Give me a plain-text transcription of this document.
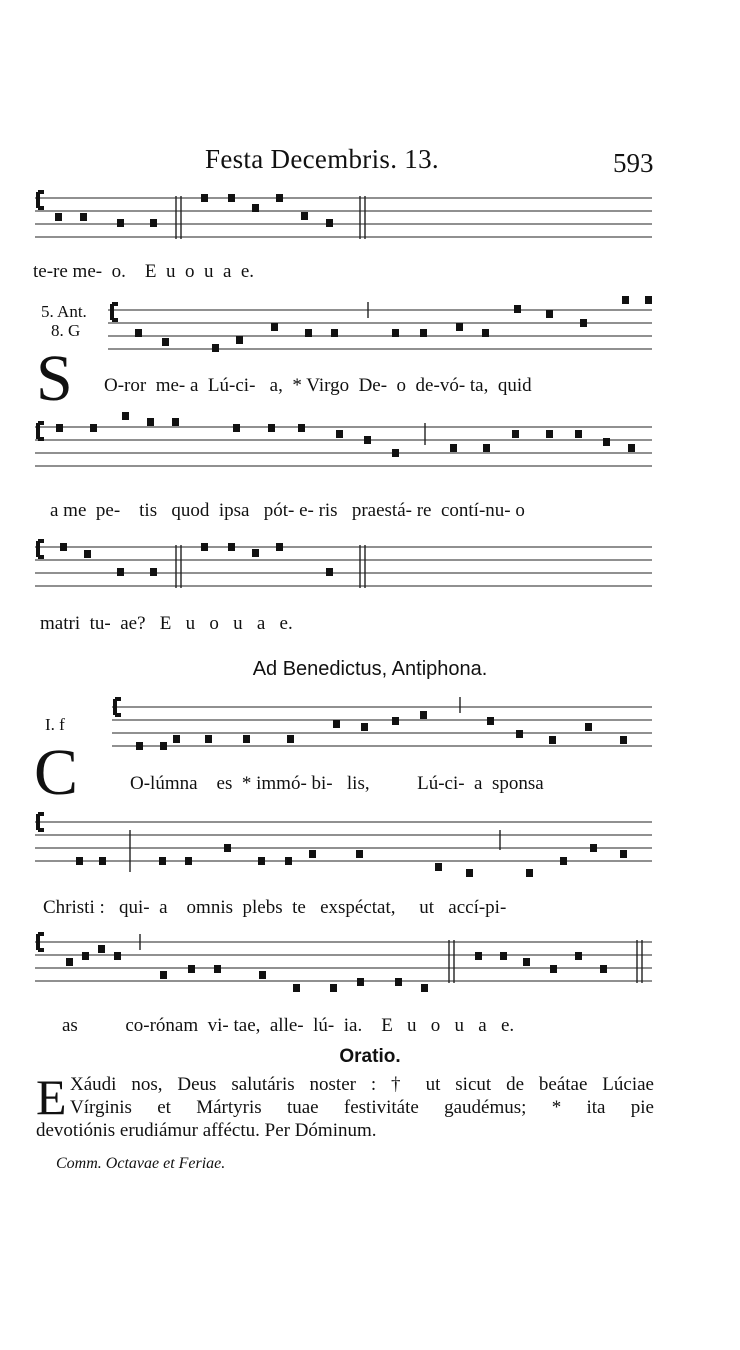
Festa Decembris. 13.	593
te-re me-  o.    E  u  o  u  a  e.
5. Ant.
8. G
S O-ror  me- a  Lú-ci-   a,  * Virgo  De-  o  de-vó- ta,  quid
a me  pe-    tis   quod  ipsa   pót- e- ris   praestá- re  contí-nu- o
matri  tu-  ae?   E   u   o   u   a   e.
Ad Benedictus, Antiphona.
I. f
C	O-lúmna    es  * immó- bi-   lis,          Lú-ci-  a  sponsa
Christi :   qui-  a    omnis  plebs  te   exspéctat,     ut   accí-pi-
as          co-rónam  vi- tae,  alle-  lú-  ia.    E   u   o   u   a   e.
Oratio.
E Xáudi nos, Deus salutáris noster : † ut sicut de beátae Lúciae

Vírginis et Mártyris tuae festivitáte gaudémus; * ita pie

devotiónis erudiámur afféctu. Per Dóminum.

Comm. Octavae et Feriae.
